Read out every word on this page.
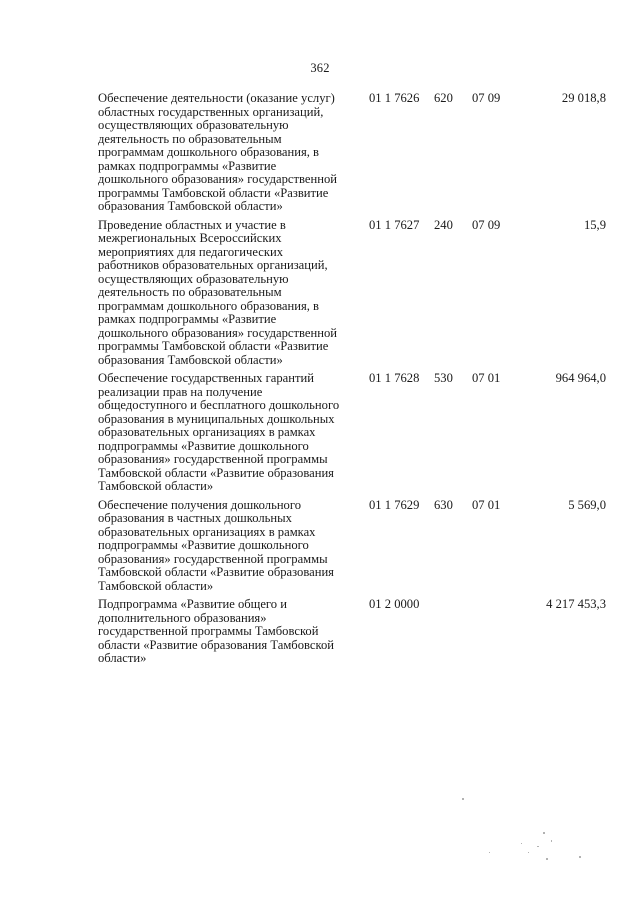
362
Обеспечение деятельности (оказание услуг)
областных государственных организаций,
осуществляющих образовательную
деятельность по образовательным
программам дошкольного образования, в
рамках подпрограммы «Развитие
дошкольного образования» государственной
программы Тамбовской области «Развитие
образования Тамбовской области»
01 1 7626 620 07 09	29 018,8
Проведение областных и участие в
межрегиональных Всероссийских
мероприятиях для педагогических
работников образовательных организаций,
осуществляющих образовательную
деятельность по образовательным
программам дошкольного образования, в
рамках подпрограммы «Развитие
дошкольного образования» государственной
программы Тамбовской области «Развитие
образования Тамбовской области»
01 1 7627 240 07 09	15,9
Обеспечение государственных гарантий
реализации прав на получение
общедоступного и бесплатного дошкольного
образования в муниципальных дошкольных
образовательных организациях в рамках
подпрограммы «Развитие дошкольного
образования» государственной программы
Тамбовской области «Развитие образования
Тамбовской области»
01 1 7628 530 07 01	964 964,0
Обеспечение получения дошкольного
образования в частных дошкольных
образовательных организациях в рамках
подпрограммы «Развитие дошкольного
образования» государственной программы
Тамбовской области «Развитие образования
Тамбовской области»
01 1 7629 630 07 01	5 569,0
Подпрограмма «Развитие общего и
дополнительного образования»
государственной программы Тамбовской
области «Развитие образования Тамбовской
области»
01 2 0000	4 217 453,3
